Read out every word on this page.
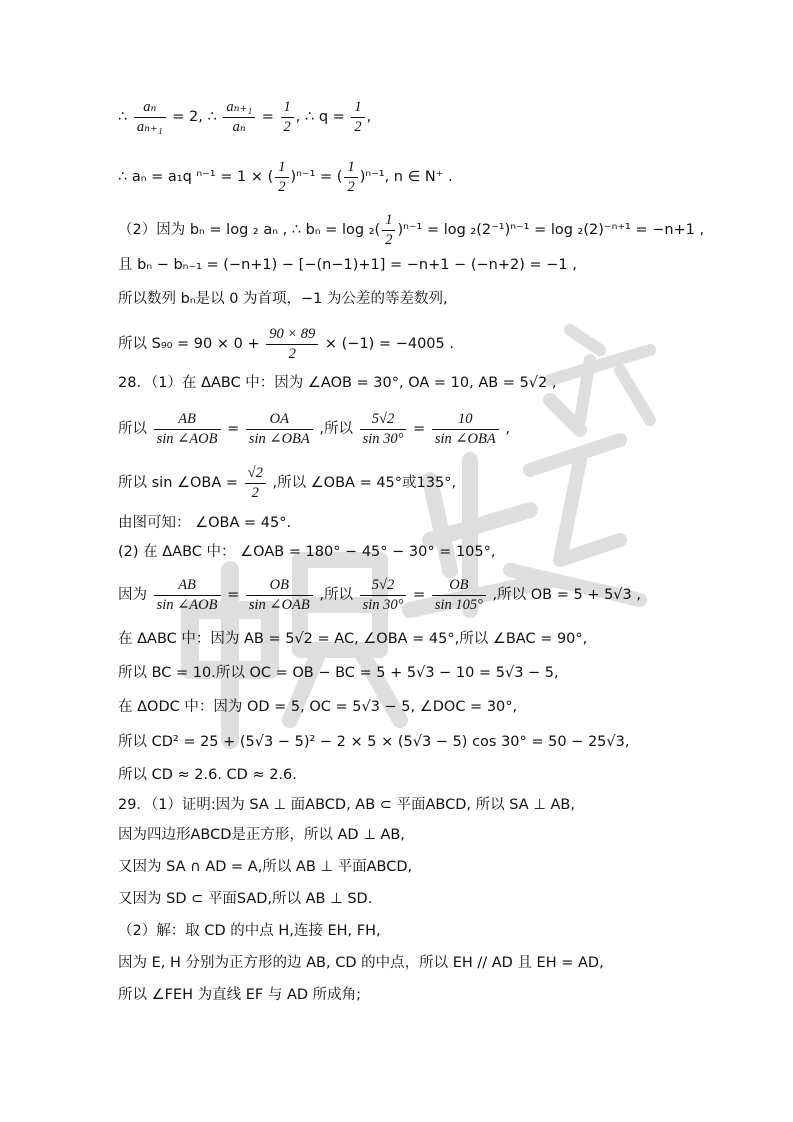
∴ $\frac{\text{aₙ}}{\text{aₙ₊₁}} = 2$, ∴ $\frac{\text{aₙ₊₁}}{\text{aₙ}} = \frac{1}{2}$ , ∴ $q = \frac{1}{2}$ ,
∴ aₙ = a₁q ⁿ⁻¹ = 1 × ( $\frac{1}{2} )^{n-1}$ = ( $\frac{1}{2} )^{n-1}$, n ∈ N⁺ .
（2）因为 bₙ = log ₂ aₙ , ∴ $b_n = \log _2( \frac{1}{2} )^{n-1} = \log _2(2^{-1})^{n-1} = \log _2(2)^{-n+1} = -n+1$ ,
且 bₙ − bₙ₋₁ = (−n+1) − [−(n−1)+1] = −n+1 − (−n+2) = −1 ,
所以数列 bₙ是以 0 为首项，−1 为公差的等差数列,
所以 $S_{90} = 90 \times 0 + \frac{90 \times 89}{2} \times (-1) = -4005$ .
28．（1）在 ΔABC 中：因为 ∠AOB = 30°, OA = 10, AB = 5√2 ,
所以 $\frac{AB}{\text{sin ∠AOB}} = \frac{OA}{\text{sin ∠OBA}}$ ,所以 $\frac{5√2}{\sin 30^\circ} = \frac{10}{\text{sin ∠OBA}}$ ,
所以 sin ∠OBA = $\frac{√2}{2}$ ,所以 ∠OBA = 45°或135°,
由图可知： ∠OBA = 45°.
(2) 在 ΔABC 中： ∠OAB = 180° − 45° − 30° = 105°,
因为 $\frac{AB}{\text{sin ∠AOB}} = \frac{OB}{\text{sin ∠OAB}}$ ,所以 $\frac{5√2}{\sin 30^\circ} = \frac{OB}{\sin 105^\circ}$ ,所以 OB = 5 + 5√3 ,
在 ΔABC 中：因为 AB = 5√2 = AC, ∠OBA = 45°,所以 ∠BAC = 90°,
所以 BC = 10.所以 OC = OB − BC = 5 + 5√3 − 10 = 5√3 − 5,
在 ΔODC 中：因为 OD = 5, OC = 5√3 − 5, ∠DOC = 30°,
所以 CD² = 25 + (5√3 − 5)² − 2 × 5 × (5√3 − 5) cos 30° = 50 − 25√3,
所以 CD ≈ 2.6. CD ≈ 2.6.
29．（1）证明:因为 SA ⊥ 面ABCD, AB ⊂ 平面ABCD, 所以 SA ⊥ AB,
因为四边形ABCD是正方形，所以 AD ⊥ AB,
又因为 SA ∩ AD = A,所以 AB ⊥ 平面ABCD,
又因为 SD ⊂ 平面SAD,所以 AB ⊥ SD.
（2）解：取 CD 的中点 H,连接 EH, FH,
因为 E, H 分别为正方形的边 AB, CD 的中点，所以 EH // AD 且 EH = AD,
所以 ∠FEH 为直线 EF 与 AD 所成角;
